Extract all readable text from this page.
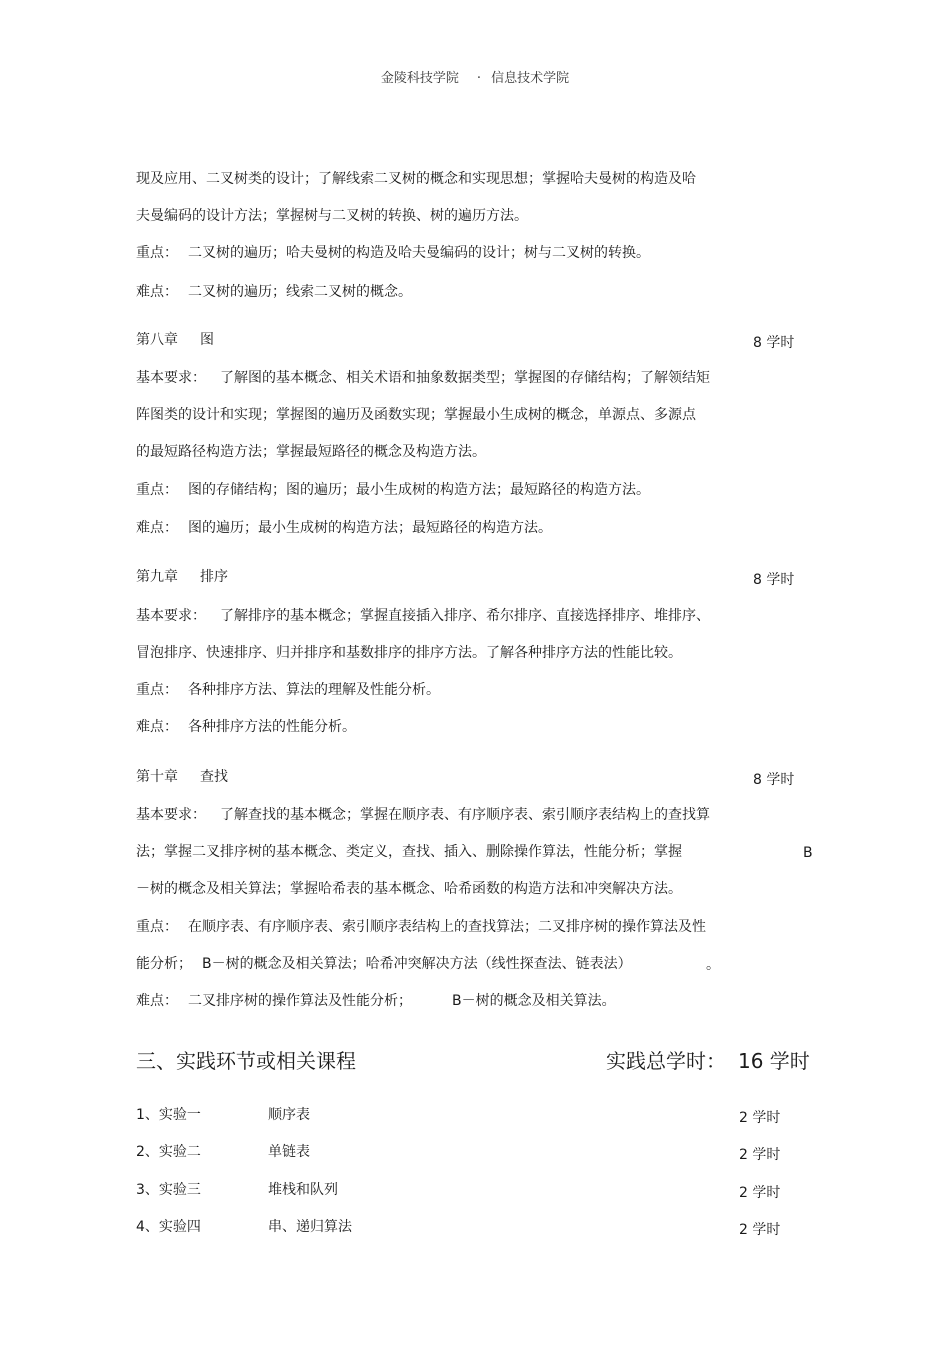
金陵科技学院 · 信息技术学院
现及应用、二叉树类的设计；了解线索二叉树的概念和实现思想；掌握哈夫曼树的构造及哈
夫曼编码的设计方法；掌握树与二叉树的转换、树的遍历方法。
重点： 二叉树的遍历；哈夫曼树的构造及哈夫曼编码的设计；树与二叉树的转换。
难点： 二叉树的遍历；线索二叉树的概念。
第八章 图	8 学时
基本要求： 了解图的基本概念、相关术语和抽象数据类型；掌握图的存储结构；了解领结矩
阵图类的设计和实现；掌握图的遍历及函数实现；掌握最小生成树的概念，单源点、多源点
的最短路径构造方法；掌握最短路径的概念及构造方法。
重点： 图的存储结构；图的遍历；最小生成树的构造方法；最短路径的构造方法。
难点： 图的遍历；最小生成树的构造方法；最短路径的构造方法。
第九章 排序	8 学时
基本要求： 了解排序的基本概念；掌握直接插入排序、希尔排序、直接选择排序、堆排序、
冒泡排序、快速排序、归并排序和基数排序的排序方法。了解各种排序方法的性能比较。
重点： 各种排序方法、算法的理解及性能分析。
难点： 各种排序方法的性能分析。
第十章 查找	8 学时
基本要求： 了解查找的基本概念；掌握在顺序表、有序顺序表、索引顺序表结构上的查找算
法；掌握二叉排序树的基本概念、类定义，查找、插入、删除操作算法，性能分析；掌握	B
－树的概念及相关算法；掌握哈希表的基本概念、哈希函数的构造方法和冲突解决方法。
重点： 在顺序表、有序顺序表、索引顺序表结构上的查找算法；二叉排序树的操作算法及性
能分析； B－树的概念及相关算法；哈希冲突解决方法（线性探查法、链表法）	。
难点： 二叉排序树的操作算法及性能分析；	B－树的概念及相关算法。
三、实践环节或相关课程	实践总学时： 16 学时
1、实验一	顺序表	2 学时
2、实验二	单链表	2 学时
3、实验三	堆栈和队列	2 学时
4、实验四	串、递归算法	2 学时
